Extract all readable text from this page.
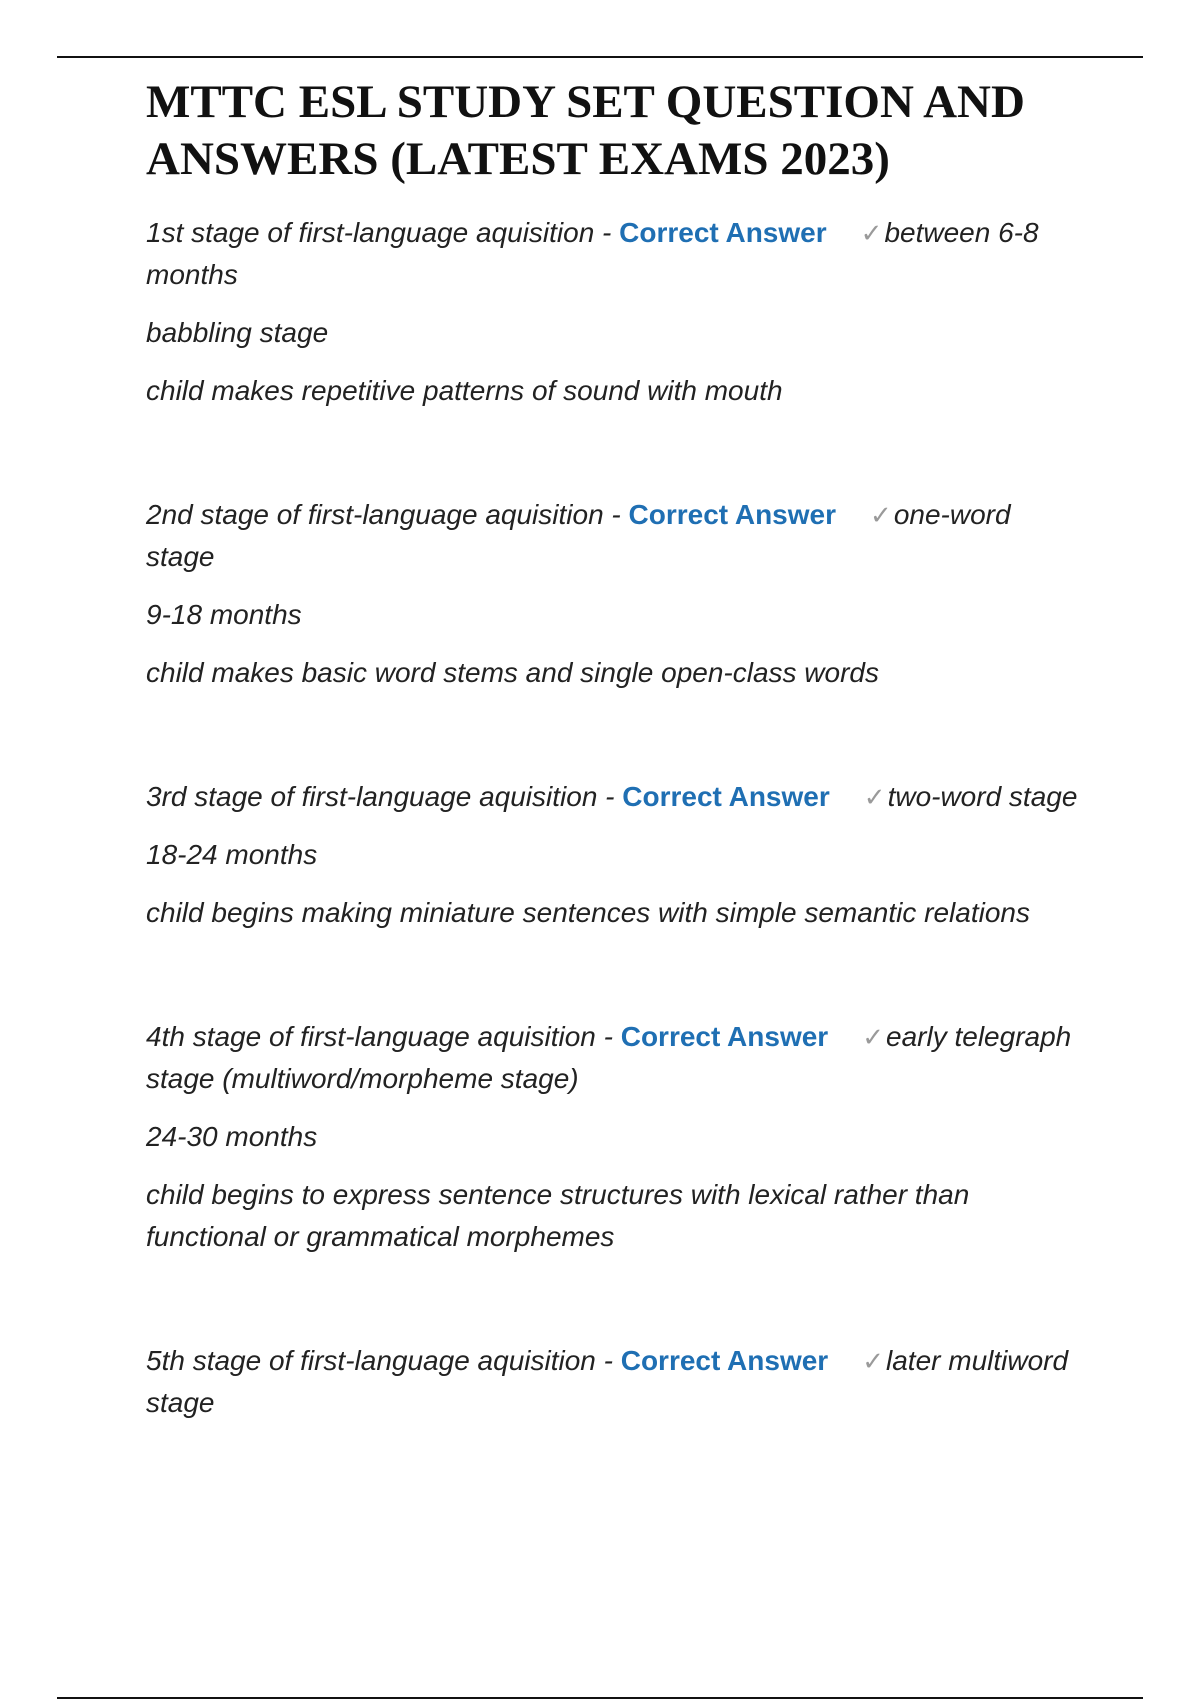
MTTC ESL STUDY SET QUESTION AND ANSWERS (LATEST EXAMS 2023)

1st stage of first-language aquisition - Correct Answer ✓between 6-8 months

babbling stage

child makes repetitive patterns of sound with mouth

2nd stage of first-language aquisition - Correct Answer ✓one-word stage

9-18 months

child makes basic word stems and single open-class words

3rd stage of first-language aquisition - Correct Answer ✓two-word stage

18-24 months

child begins making miniature sentences with simple semantic relations

4th stage of first-language aquisition - Correct Answer ✓early telegraph stage (multiword/morpheme stage)

24-30 months

child begins to express sentence structures with lexical rather than functional or grammatical morphemes

5th stage of first-language aquisition - Correct Answer ✓later multiword stage
